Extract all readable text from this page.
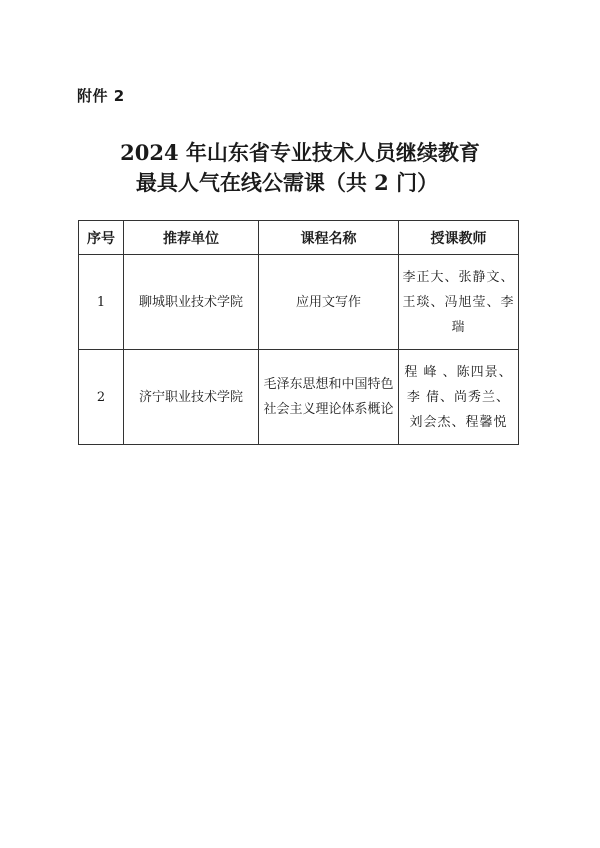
附件 2
2024 年山东省专业技术人员继续教育
最具人气在线公需课（共 2 门）
序号	推荐单位	课程名称	授课教师
1	聊城职业技术学院	应用文写作	李正大、张静文、王琰、冯旭莹、李瑞
2	济宁职业技术学院	毛泽东思想和中国特色社会主义理论体系概论	程 峰 、陈四景、李 倩、尚秀兰、刘会杰、程馨悦
